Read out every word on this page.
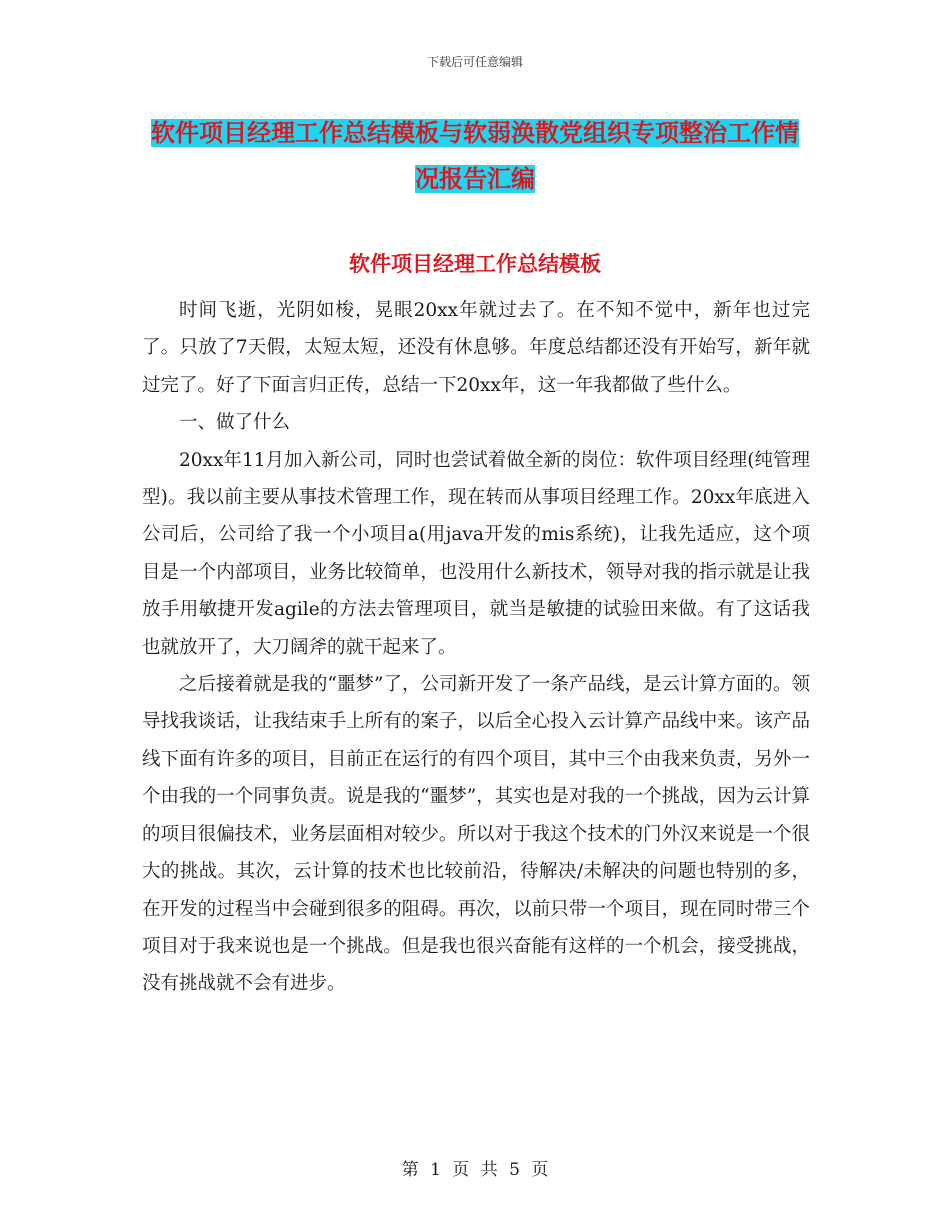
下载后可任意编辑
软件项目经理工作总结模板与软弱涣散党组织专项整治工作情况报告汇编
软件项目经理工作总结模板

时间飞逝，光阴如梭，晃眼20xx年就过去了。在不知不觉中，新年也过完了。只放了7天假，太短太短，还没有休息够。年度总结都还没有开始写，新年就过完了。好了下面言归正传，总结一下20xx年，这一年我都做了些什么。

一、做了什么

20xx年11月加入新公司，同时也尝试着做全新的岗位：软件项目经理(纯管理型)。我以前主要从事技术管理工作，现在转而从事项目经理工作。20xx年底进入公司后，公司给了我一个小项目a(用java开发的mis系统)，让我先适应，这个项目是一个内部项目，业务比较简单，也没用什么新技术，领导对我的指示就是让我放手用敏捷开发agile的方法去管理项目，就当是敏捷的试验田来做。有了这话我也就放开了，大刀阔斧的就干起来了。

之后接着就是我的“噩梦”了，公司新开发了一条产品线，是云计算方面的。领导找我谈话，让我结束手上所有的案子，以后全心投入云计算产品线中来。该产品线下面有许多的项目，目前正在运行的有四个项目，其中三个由我来负责，另外一个由我的一个同事负责。说是我的“噩梦”，其实也是对我的一个挑战，因为云计算的项目很偏技术，业务层面相对较少。所以对于我这个技术的门外汉来说是一个很大的挑战。其次，云计算的技术也比较前沿，待解决/未解决的问题也特别的多，在开发的过程当中会碰到很多的阻碍。再次，以前只带一个项目，现在同时带三个项目对于我来说也是一个挑战。但是我也很兴奋能有这样的一个机会，接受挑战，没有挑战就不会有进步。

第 1 页 共 5 页
